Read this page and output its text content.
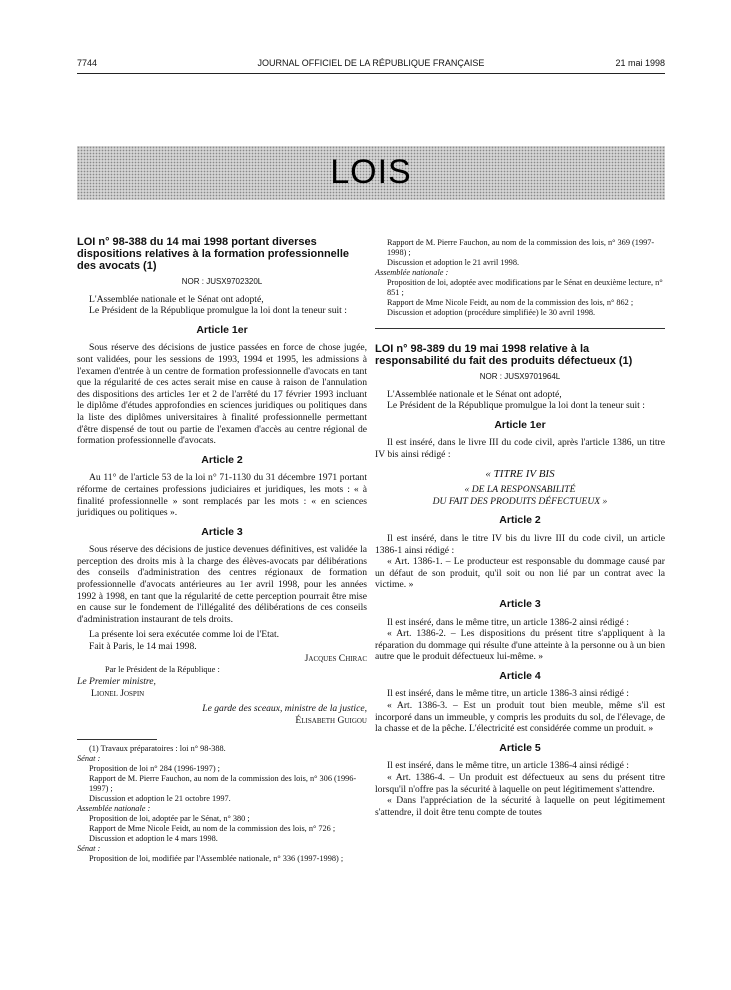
7744	JOURNAL OFFICIEL DE LA RÉPUBLIQUE FRANÇAISE	21 mai 1998
LOIS
LOI n° 98-388 du 14 mai 1998 portant diverses dispositions relatives à la formation professionnelle des avocats (1)
NOR : JUSX9702320L

L'Assemblée nationale et le Sénat ont adopté,

Le Président de la République promulgue la loi dont la teneur suit :

Article 1er

Sous réserve des décisions de justice passées en force de chose jugée, sont validées, pour les sessions de 1993, 1994 et 1995, les admissions à l'examen d'entrée à un centre de formation professionnelle d'avocats en tant que la régularité de ces actes serait mise en cause à raison de l'annulation des dispositions des articles 1er et 2 de l'arrêté du 17 février 1993 incluant le diplôme d'études approfondies en sciences juridiques ou politiques dans la liste des diplômes universitaires à finalité professionnelle permettant d'être dispensé de tout ou partie de l'examen d'accès au centre régional de formation professionnelle d'avocats.

Article 2

Au 11° de l'article 53 de la loi n° 71-1130 du 31 décembre 1971 portant réforme de certaines professions judiciaires et juridiques, les mots : « à finalité professionnelle » sont remplacés par les mots : « en sciences juridiques ou politiques ».

Article 3

Sous réserve des décisions de justice devenues définitives, est validée la perception des droits mis à la charge des élèves-avocats par délibérations des conseils d'administration des centres régionaux de formation professionnelle d'avocats antérieures au 1er avril 1998, pour les années 1992 à 1998, en tant que la régularité de cette perception pourrait être mise en cause sur le fondement de l'illégalité des délibérations de ces conseils d'administration instaurant de tels droits.

La présente loi sera exécutée comme loi de l'Etat.

Fait à Paris, le 14 mai 1998.

Jacques Chirac
Par le Président de la République :
Le Premier ministre,
Lionel Jospin
Le garde des sceaux, ministre de la justice,
Élisabeth Guigou

(1) Travaux préparatoires : loi n° 98-388.

Sénat :

Proposition de loi n° 284 (1996-1997) ;

Rapport de M. Pierre Fauchon, au nom de la commission des lois, n° 306 (1996-1997) ;

Discussion et adoption le 21 octobre 1997.

Assemblée nationale :

Proposition de loi, adoptée par le Sénat, n° 380 ;

Rapport de Mme Nicole Feidt, au nom de la commission des lois, n° 726 ;

Discussion et adoption le 4 mars 1998.

Sénat :

Proposition de loi, modifiée par l'Assemblée nationale, n° 336 (1997-1998) ;

Rapport de M. Pierre Fauchon, au nom de la commission des lois, n° 369 (1997-1998) ;

Discussion et adoption le 21 avril 1998.

Assemblée nationale :

Proposition de loi, adoptée avec modifications par le Sénat en deuxième lecture, n° 851 ;

Rapport de Mme Nicole Feidt, au nom de la commission des lois, n° 862 ;

Discussion et adoption (procédure simplifiée) le 30 avril 1998.

LOI n° 98-389 du 19 mai 1998 relative à la responsabilité du fait des produits défectueux (1)
NOR : JUSX9701964L

L'Assemblée nationale et le Sénat ont adopté,

Le Président de la République promulgue la loi dont la teneur suit :

Article 1er

Il est inséré, dans le livre III du code civil, après l'article 1386, un titre IV bis ainsi rédigé :

« TITRE IV BIS
« DE LA RESPONSABILITÉ
DU FAIT DES PRODUITS DÉFECTUEUX »
Article 2

Il est inséré, dans le titre IV bis du livre III du code civil, un article 1386-1 ainsi rédigé :

« Art. 1386-1. – Le producteur est responsable du dommage causé par un défaut de son produit, qu'il soit ou non lié par un contrat avec la victime. »

Article 3

Il est inséré, dans le même titre, un article 1386-2 ainsi rédigé :

« Art. 1386-2. – Les dispositions du présent titre s'appliquent à la réparation du dommage qui résulte d'une atteinte à la personne ou à un bien autre que le produit défectueux lui-même. »

Article 4

Il est inséré, dans le même titre, un article 1386-3 ainsi rédigé :

« Art. 1386-3. – Est un produit tout bien meuble, même s'il est incorporé dans un immeuble, y compris les produits du sol, de l'élevage, de la chasse et de la pêche. L'électricité est considérée comme un produit. »

Article 5

Il est inséré, dans le même titre, un article 1386-4 ainsi rédigé :

« Art. 1386-4. – Un produit est défectueux au sens du présent titre lorsqu'il n'offre pas la sécurité à laquelle on peut légitimement s'attendre.

« Dans l'appréciation de la sécurité à laquelle on peut légitimement s'attendre, il doit être tenu compte de toutes
